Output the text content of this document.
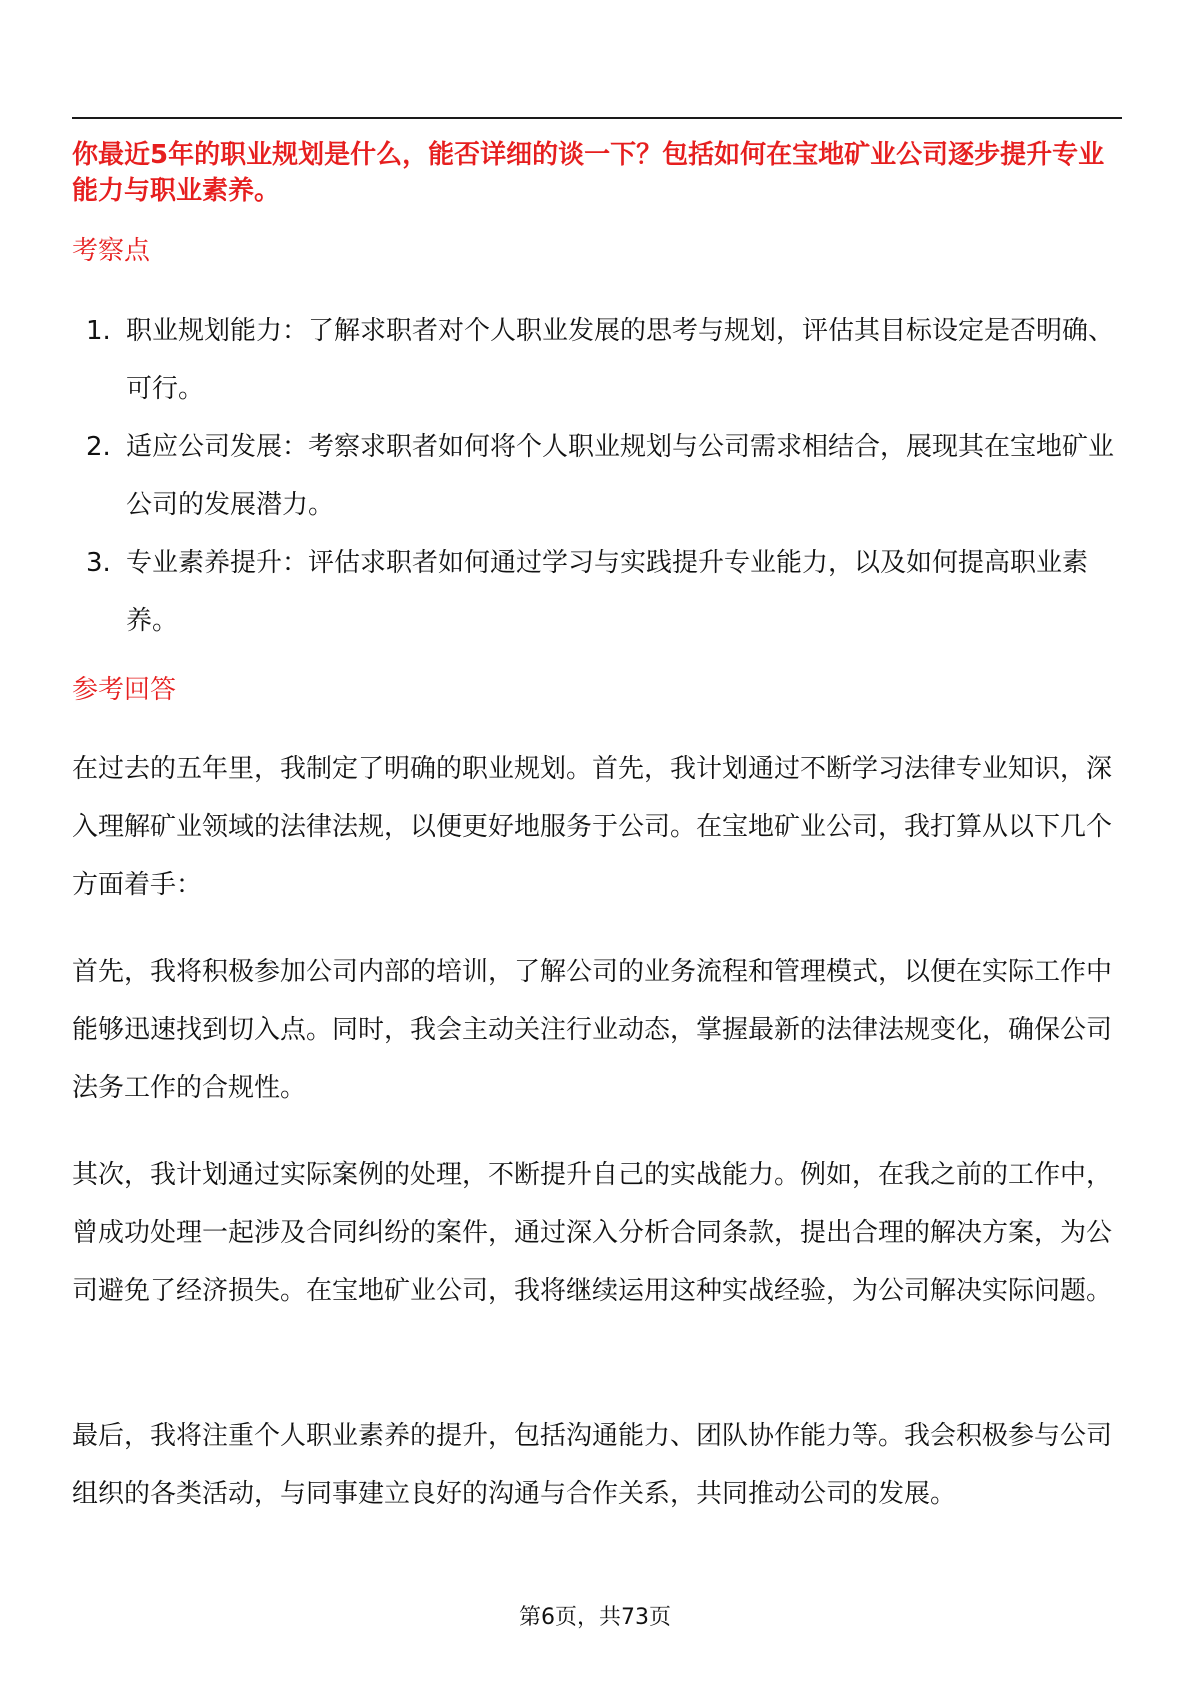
你最近5年的职业规划是什么，能否详细的谈一下？包括如何在宝地矿业公司逐步提升专业能力与职业素养。
考察点
1. 职业规划能力：了解求职者对个人职业发展的思考与规划，评估其目标设定是否明确、可行。
2. 适应公司发展：考察求职者如何将个人职业规划与公司需求相结合，展现其在宝地矿业公司的发展潜力。
3. 专业素养提升：评估求职者如何通过学习与实践提升专业能力，以及如何提高职业素养。
参考回答

在过去的五年里，我制定了明确的职业规划。首先，我计划通过不断学习法律专业知识，深入理解矿业领域的法律法规，以便更好地服务于公司。在宝地矿业公司，我打算从以下几个方面着手：

首先，我将积极参加公司内部的培训，了解公司的业务流程和管理模式，以便在实际工作中能够迅速找到切入点。同时，我会主动关注行业动态，掌握最新的法律法规变化，确保公司法务工作的合规性。

其次，我计划通过实际案例的处理，不断提升自己的实战能力。例如，在我之前的工作中，曾成功处理一起涉及合同纠纷的案件，通过深入分析合同条款，提出合理的解决方案，为公司避免了经济损失。在宝地矿业公司，我将继续运用这种实战经验，为公司解决实际问题。

最后，我将注重个人职业素养的提升，包括沟通能力、团队协作能力等。我会积极参与公司组织的各类活动，与同事建立良好的沟通与合作关系，共同推动公司的发展。

第6页，共73页
